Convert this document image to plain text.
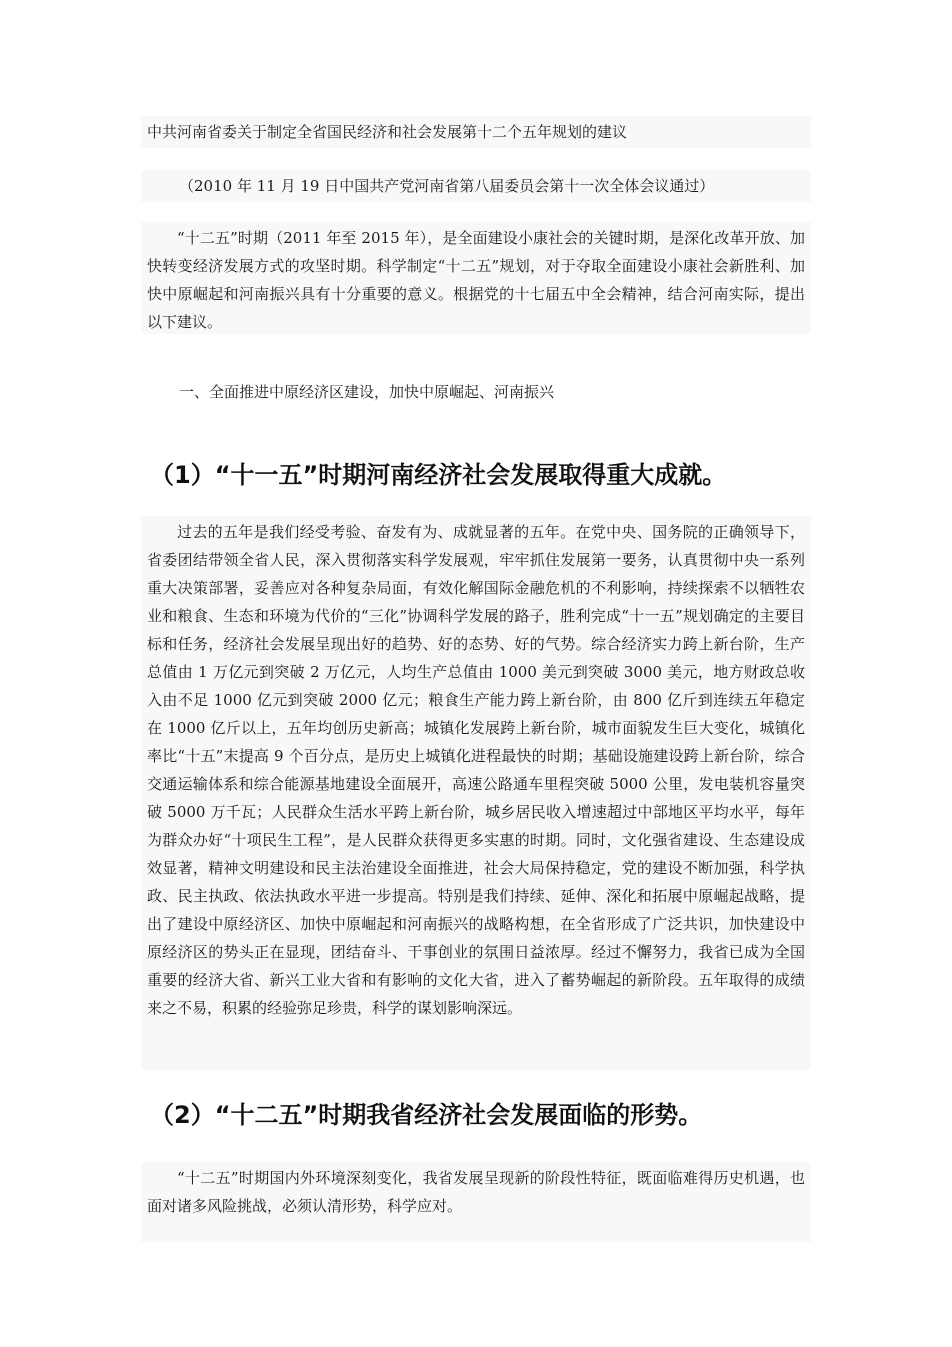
中共河南省委关于制定全省国民经济和社会发展第十二个五年规划的建议

（2010 年 11 月 19 日中国共产党河南省第八届委员会第十一次全体会议通过）

“十二五”时期（2011 年至 2015 年），是全面建设小康社会的关键时期，是深化改革开放、加快转变经济发展方式的攻坚时期。科学制定“十二五”规划，对于夺取全面建设小康社会新胜利、加快中原崛起和河南振兴具有十分重要的意义。根据党的十七届五中全会精神，结合河南实际，提出以下建议。

一、全面推进中原经济区建设，加快中原崛起、河南振兴

（1）“十一五”时期河南经济社会发展取得重大成就。

过去的五年是我们经受考验、奋发有为、成就显著的五年。在党中央、国务院的正确领导下，省委团结带领全省人民，深入贯彻落实科学发展观，牢牢抓住发展第一要务，认真贯彻中央一系列重大决策部署，妥善应对各种复杂局面，有效化解国际金融危机的不利影响，持续探索不以牺牲农业和粮食、生态和环境为代价的“三化”协调科学发展的路子，胜利完成“十一五”规划确定的主要目标和任务，经济社会发展呈现出好的趋势、好的态势、好的气势。综合经济实力跨上新台阶，生产总值由 1 万亿元到突破 2 万亿元，人均生产总值由 1000 美元到突破 3000 美元，地方财政总收入由不足 1000 亿元到突破 2000 亿元；粮食生产能力跨上新台阶，由 800 亿斤到连续五年稳定在 1000 亿斤以上，五年均创历史新高；城镇化发展跨上新台阶，城市面貌发生巨大变化，城镇化率比“十五”末提高 9 个百分点，是历史上城镇化进程最快的时期；基础设施建设跨上新台阶，综合交通运输体系和综合能源基地建设全面展开，高速公路通车里程突破 5000 公里，发电装机容量突破 5000 万千瓦；人民群众生活水平跨上新台阶，城乡居民收入增速超过中部地区平均水平，每年为群众办好“十项民生工程”，是人民群众获得更多实惠的时期。同时，文化强省建设、生态建设成效显著，精神文明建设和民主法治建设全面推进，社会大局保持稳定，党的建设不断加强，科学执政、民主执政、依法执政水平进一步提高。特别是我们持续、延伸、深化和拓展中原崛起战略，提出了建设中原经济区、加快中原崛起和河南振兴的战略构想，在全省形成了广泛共识，加快建设中原经济区的势头正在显现，团结奋斗、干事创业的氛围日益浓厚。经过不懈努力，我省已成为全国重要的经济大省、新兴工业大省和有影响的文化大省，进入了蓄势崛起的新阶段。五年取得的成绩来之不易，积累的经验弥足珍贵，科学的谋划影响深远。

（2）“十二五”时期我省经济社会发展面临的形势。

“十二五”时期国内外环境深刻变化，我省发展呈现新的阶段性特征，既面临难得历史机遇，也面对诸多风险挑战，必须认清形势，科学应对。
